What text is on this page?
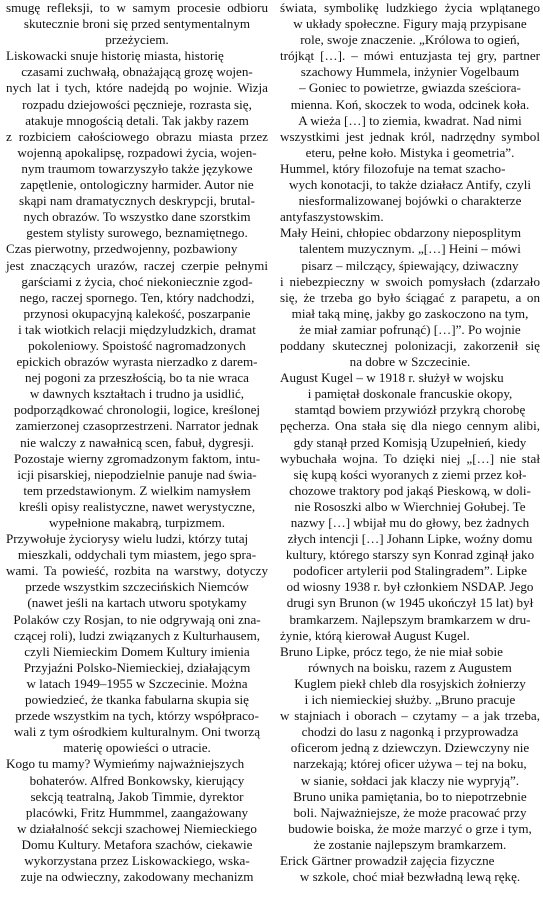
smugę refleksji, to w samym procesie odbioru
skutecznie broni się przed sentymentalnym
przeżyciem.
Liskowacki snuje historię miasta, historię
czasami zuchwałą, obnażającą grozę wojen-
nych lat i tych, które nadejdą po wojnie. Wizja
rozpadu dziejowości pęcznieje, rozrasta się,
atakuje mnogością detali. Tak jakby razem
z rozbiciem całościowego obrazu miasta przez
wojenną apokalipsę, rozpadowi życia, wojen-
nym traumom towarzyszyło także językowe
zapętlenie, ontologiczny harmider. Autor nie
skąpi nam dramatycznych deskrypcji, brutal-
nych obrazów. To wszystko dane szorstkim
gestem stylisty surowego, beznamiętnego.
Czas pierwotny, przedwojenny, pozbawiony
jest znaczących urazów, raczej czerpie pełnymi
garściami z życia, choć niekoniecznie zgod-
nego, raczej spornego. Ten, który nadchodzi,
przynosi okupacyjną kalekość, poszarpanie
i tak wiotkich relacji międzyludzkich, dramat
pokoleniowy. Spoistość nagromadzonych
epickich obrazów wyrasta nierzadko z darem-
nej pogoni za przeszłością, bo ta nie wraca
w dawnych kształtach i trudno ja usidlić,
podporządkować chronologii, logice, kreślonej
zamierzonej czasoprzestrzeni. Narrator jednak
nie walczy z nawałnicą scen, fabuł, dygresji.
Pozostaje wierny zgromadzonym faktom, intu-
icji pisarskiej, niepodzielnie panuje nad świa-
tem przedstawionym. Z wielkim namysłem
kreśli opisy realistyczne, nawet werystyczne,
wypełnione makabrą, turpizmem.
Przywołuje życiorysy wielu ludzi, którzy tutaj
mieszkali, oddychali tym miastem, jego spra-
wami. Ta powieść, rozbita na warstwy, dotyczy
przede wszystkim szczecińskich Niemców
(nawet jeśli na kartach utworu spotykamy
Polaków czy Rosjan, to nie odgrywają oni zna-
czącej roli), ludzi związanych z Kulturhausem,
czyli Niemieckim Domem Kultury imienia
Przyjaźni Polsko-Niemieckiej, działającym
w latach 1949–1955 w Szczecinie. Można
powiedzieć, że tkanka fabularna skupia się
przede wszystkim na tych, którzy współpraco-
wali z tym ośrodkiem kulturalnym. Oni tworzą
materię opowieści o utracie.
Kogo tu mamy? Wymieńmy najważniejszych
bohaterów. Alfred Bonkowsky, kierujący
sekcją teatralną, Jakob Timmie, dyrektor
placówki, Fritz Hummmel, zaangażowany
w działalność sekcji szachowej Niemieckiego
Domu Kultury. Metafora szachów, ciekawie
wykorzystana przez Liskowackiego, wska-
zuje na odwieczny, zakodowany mechanizm
świata, symbolikę ludzkiego życia wplątanego
w układy społeczne. Figury mają przypisane
role, swoje znaczenie. „Królowa to ogień,
trójkąt […]. – mówi entuzjasta tej gry, partner
szachowy Hummela, inżynier Vogelbaum
– Goniec to powietrze, gwiazda sześciora-
mienna. Koń, skoczek to woda, odcinek koła.
A wieża […] to ziemia, kwadrat. Nad nimi
wszystkimi jest jednak król, nadrzędny symbol
eteru, pełne koło. Mistyka i geometria”.
Hummel, który filozofuje na temat szacho-
wych konotacji, to także działacz Antify, czyli
niesformalizowanej bojówki o charakterze
antyfaszystowskim.
Mały Heini, chłopiec obdarzony nieposplitym
talentem muzycznym. „[…] Heini – mówi
pisarz – milczący, śpiewający, dziwaczny
i niebezpieczny w swoich pomysłach (zdarzało
się, że trzeba go było ściągać z parapetu, a on
miał taką minę, jakby go zaskoczono na tym,
że miał zamiar pofrunąć) […]”. Po wojnie
poddany skutecznej polonizacji, zakorzenił się
na dobre w Szczecinie.
August Kugel – w 1918 r. służył w wojsku
i pamiętał doskonale francuskie okopy,
stamtąd bowiem przywiózł przykrą chorobę
pęcherza. Ona stała się dla niego cennym alibi,
gdy stanął przed Komisją Uzupełnień, kiedy
wybuchała wojna. To dzięki niej „[…] nie stał
się kupą kości wyoranych z ziemi przez koł-
chozowe traktory pod jakąś Pieskową, w doli-
nie Rososzki albo w Wierchniej Gołubej. Te
nazwy […] wbijał mu do głowy, bez żadnych
złych intencji […] Johann Lipke, woźny domu
kultury, którego starszy syn Konrad zginął jako
podoficer artylerii pod Stalingradem”. Lipke
od wiosny 1938 r. był członkiem NSDAP. Jego
drugi syn Brunon (w 1945 ukończył 15 lat) był
bramkarzem. Najlepszym bramkarzem w dru-
żynie, którą kierował August Kugel.
Bruno Lipke, prócz tego, że nie miał sobie
równych na boisku, razem z Augustem
Kuglem piekł chleb dla rosyjskich żołnierzy
i ich niemieckiej służby. „Bruno pracuje
w stajniach i oborach – czytamy – a jak trzeba,
chodzi do lasu z nagonką i przyprowadza
oficerom jedną z dziewczyn. Dziewczyny nie
narzekają; której oficer używa – tej na boku,
w sianie, sołdaci jak klaczy nie wypryją”.
Bruno unika pamiętania, bo to niepotrzebnie
boli. Najważniejsze, że może pracować przy
budowie boiska, że może marzyć o grze i tym,
że zostanie najlepszym bramkarzem.
Erick Gärtner prowadził zajęcia fizyczne
w szkole, choć miał bezwładną lewą rękę.
